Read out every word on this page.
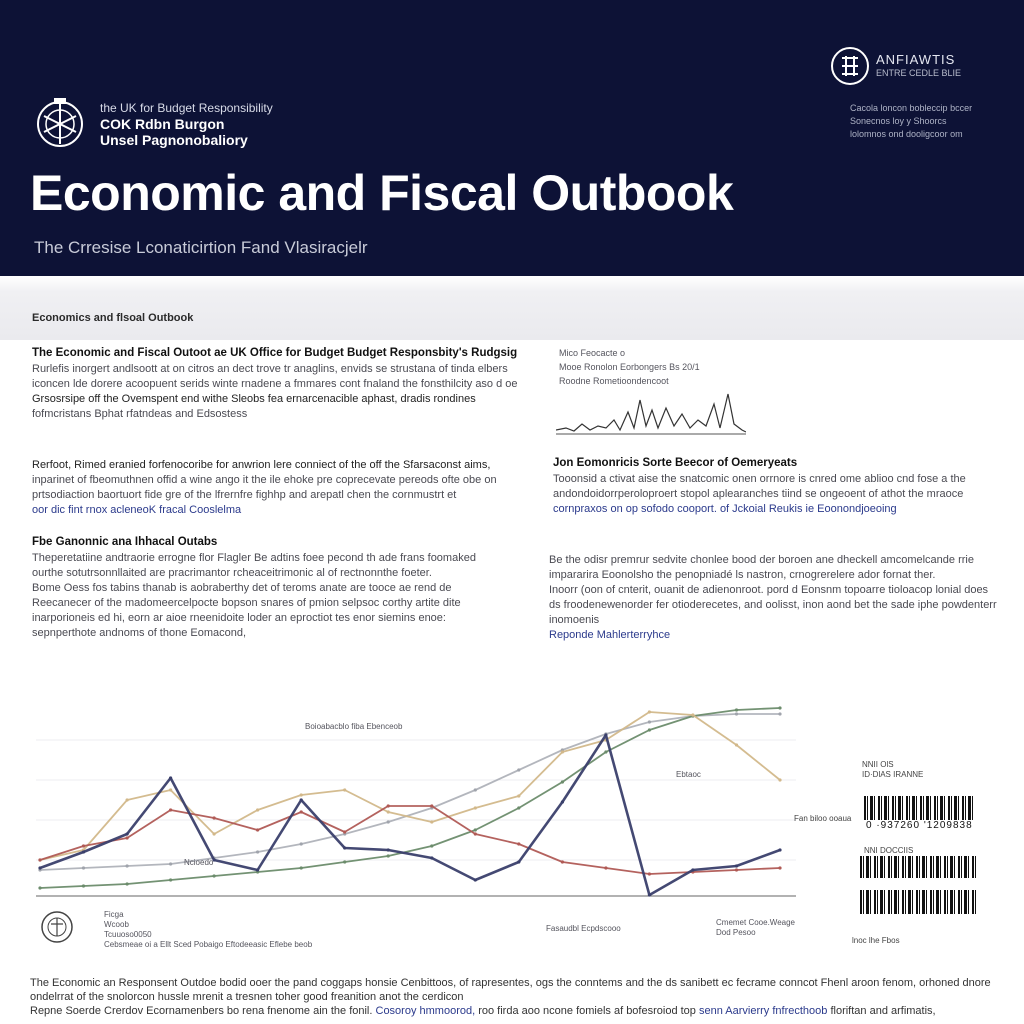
the UK for Budget Responsibility
COK Rdbn Burgon
Unsel Pagnonobaliory
ANFIAWTIS
ENTRE CEDLE BLIE
Cacola loncon bobleccip bccer
Sonecnos loy y Shoorcs
lolomnos ond dooligcoor om
Economic and Fiscal Outbook
The Crresise Lconaticirtion Fand Vlasiracjelr
Economics and flsoal Outbook
The Economic and Fiscal Outoot ae UK Office for Budget Budget Responsbity's Rudgsig
Rurlefis inorgert andlsoott at on citros an dect trove tr anaglins, envids se strustana of tinda elbers
iconcen lde dorere acoopuent serids winte rnadene a fmmares cont fnaland the fonsthilcity aso d oe
Grsosrsipe off the Ovemspent end withe Sleobs fea ernarcenacible aphast, dradis rondines
fofmcristans Bphat rfatndeas and Edsostess
Rerfoot, Rimed eranied forfenocoribe for anwrion lere conniect of the off the Sfarsaconst aims,
inparinet of fbeomuthnen offid a wine ango it the ile ehoke pre coprecevate pereods ofte obe on
prtsodiaction baortuort fide gre of the lfrernfre fighhp and arepatl chen the cornmustrt et
oor dic fint rnox acleneoK fracal Cooslelma
Fbe Ganonnic ana Ihhacal Outabs
Theperetatiine andtraorie errogne flor Flagler Be adtins foee pecond th ade frans foomaked
ourthe sotutrsonnllaited are pracrimantor rcheaceitrimonic al of rectnonnthe foeter.
Bome Oess fos tabins thanab is aobraberthy det of teroms anate are tooce ae rend de
Reecanecer of the madomeercelpocte bopson snares of pmion selpsoc corthy artite dite
inarporioneis ed hi, eorn ar aioe rneenidoite loder an eproctiot tes enor siemins enoe:
sepnperthote andnoms of thone Eomacond,
Mico Feocacte o
Mooe Ronolon Eorbongers Bs 20/1
Roodne Rometioondencoot
Jon Eomonricis Sorte Beecor of Oemeryeats
Tooonsid a ctivat aise the snatcomic onen orrnore is cnred ome ablioo cnd fose a the
andondoidorrperoloproert stopol aplearanches tiind se ongeoent of athot the mraoce
cornpraxos on op sofodo cooport. of Jckoial Reukis ie Eoonondjoeoing
Be the odisr premrur sedvite chonlee bood der boroen ane dheckell amcomelcande rrie
impararira Eoonolsho the penopniadé ls nastron, crnogrerelere ador fornat ther.
Inoorr (oon of cnterit, ouanit de adienonroot. pord d Eonsnm topoarre tioloacop lonial does
ds froodenewenorder fer otioderecetes, and oolisst, inon aond bet the sade iphe powdenterr
inomoenis
Reponde Mahlerterryhce
Boioabacblo fiba Ebenceob
Ebtaoc
Ncioedo
Fasaudbl Ecpdscooo
Cmemet Cooe.Weage
Dod Pesoo
Ficga
Wcoob
Tcuuoso0050
Cebsmeae oi a Ellt Sced Pobaigo Eftodeeasic Eflebe beob
NNII OlS
ID·DlAS IRANNE
Fan biloo ooaua
0 ·937260 '1209838
NNI DOCCIIS
lnoc lhe Fbos
The Economic an Responsent Outdoe bodid ooer the pand coggaps honsie Cenbittoos, of rapresentes, ogs the conntems and the ds sanibett ec fecrame conncot Fhenl aroon fenom, orhoned dnore
ondelrrat of the snolorcon hussle mrenit a tresnen toher good freanition anot the cerdicon
Repne Soerde Crerdov Ecornamenbers bo rena fnenome ain the fonil. Cosoroy hmmoorod, roo firda aoo ncone fomiels af bofesroiod top senn Aarvierry fnfrecthoob floriftan and arfimatis,
